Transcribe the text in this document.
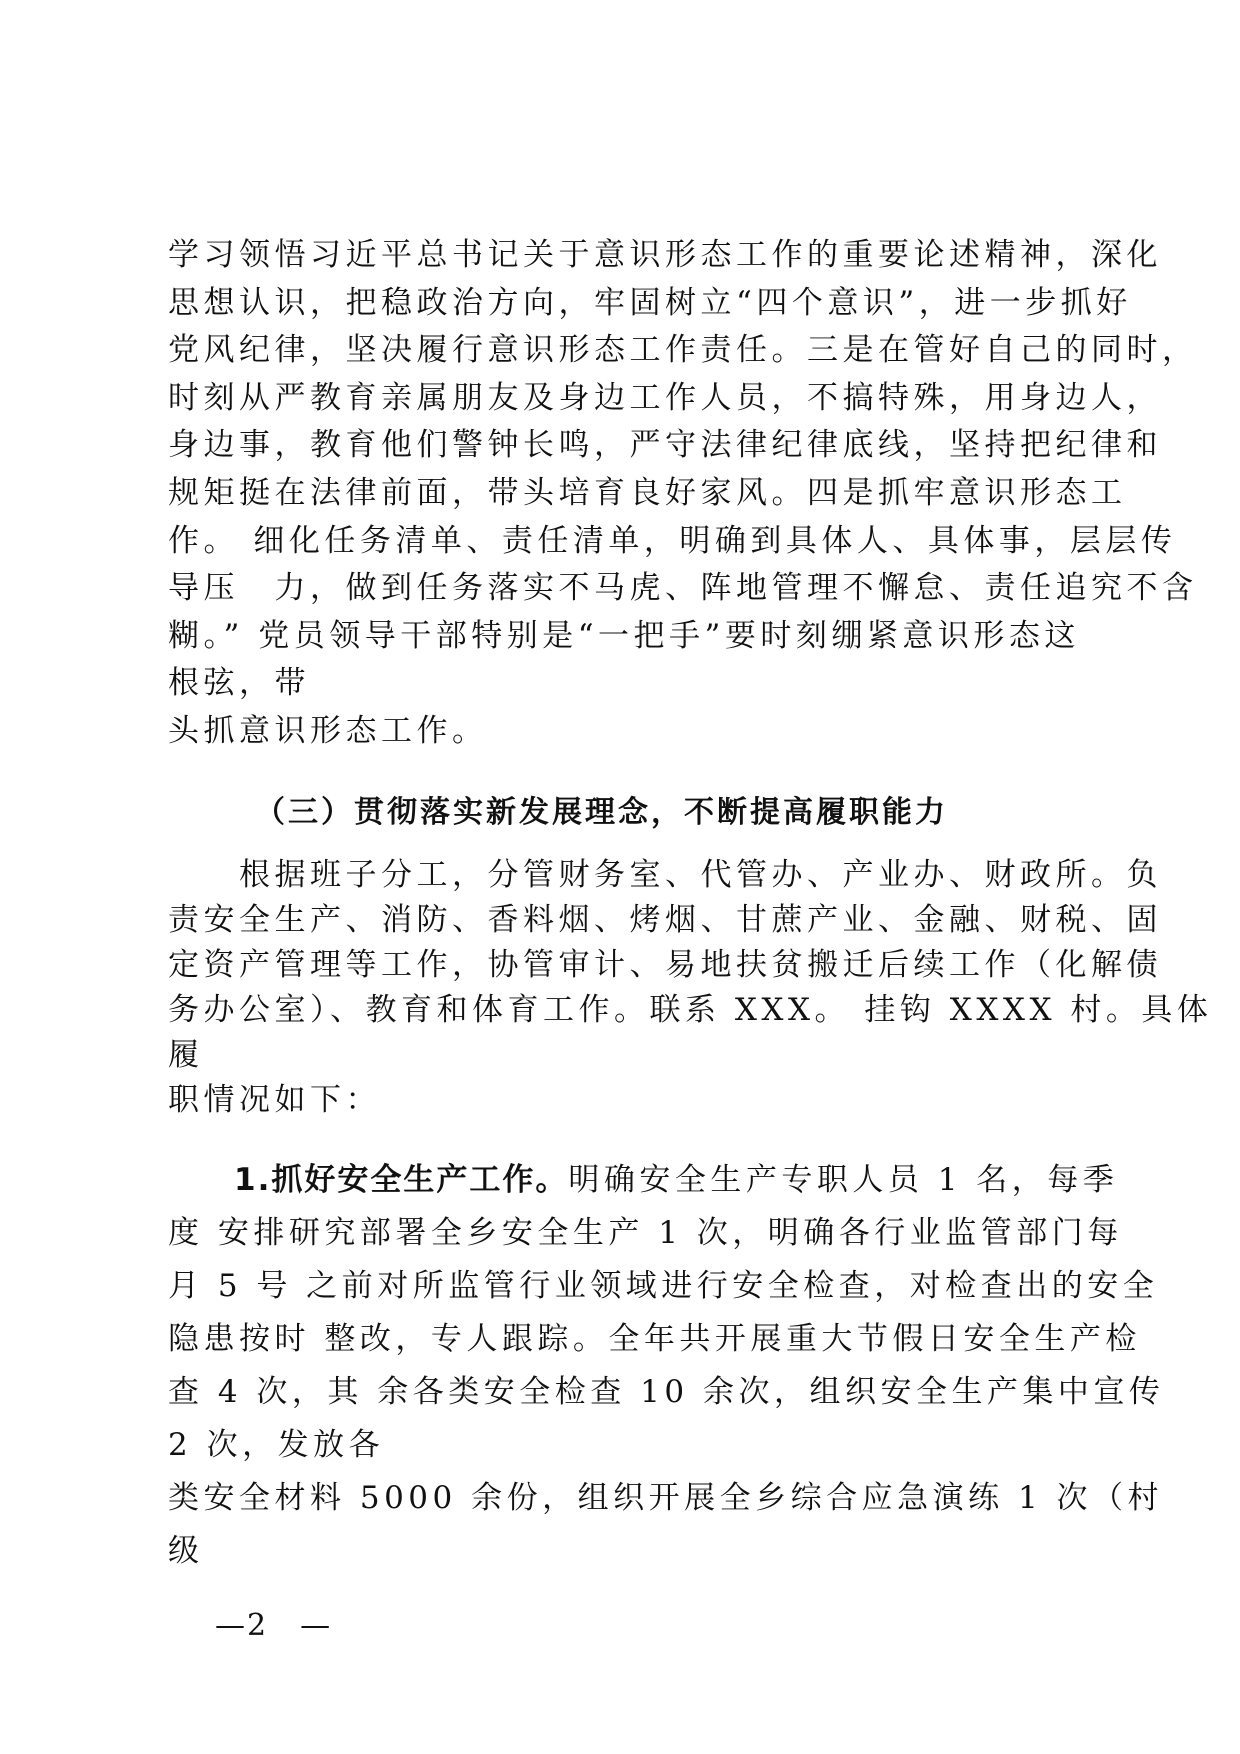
学习领悟习近平总书记关于意识形态工作的重要论述精神，深化
思想认识，把稳政治方向，牢固树立“四个意识”，进一步抓好
党风纪律，坚决履行意识形态工作责任。三是在管好自己的同时，
时刻从严教育亲属朋友及身边工作人员，不搞特殊，用身边人，
身边事，教育他们警钟长鸣，严守法律纪律底线，坚持把纪律和
规矩挺在法律前面，带头培育良好家风。四是抓牢意识形态工
作。 细化任务清单、责任清单，明确到具体人、具体事，层层传
导压　力，做到任务落实不马虎、阵地管理不懈怠、责任追究不含
糊。” 党员领导干部特别是“一把手”要时刻绷紧意识形态这
根弦，带
头抓意识形态工作。
（三）贯彻落实新发展理念，不断提高履职能力
　　根据班子分工，分管财务室、代管办、产业办、财政所。负
责安全生产、消防、香料烟、烤烟、甘蔗产业、金融、财税、固
定资产管理等工作，协管审计、易地扶贫搬迁后续工作（化解债
务办公室）、教育和体育工作。联系 XXX。 挂钩 XXXX 村。具体
履
职情况如下：
　　1.抓好安全生产工作。明确安全生产专职人员 1 名，每季
度 安排研究部署全乡安全生产 1 次，明确各行业监管部门每
月 5 号 之前对所监管行业领域进行安全检查，对检查出的安全
隐患按时 整改，专人跟踪。全年共开展重大节假日安全生产检
查 4 次，其 余各类安全检查 10 余次，组织安全生产集中宣传
2 次，发放各
类安全材料 5000 余份，组织开展全乡综合应急演练 1 次（村
级
—2　—
